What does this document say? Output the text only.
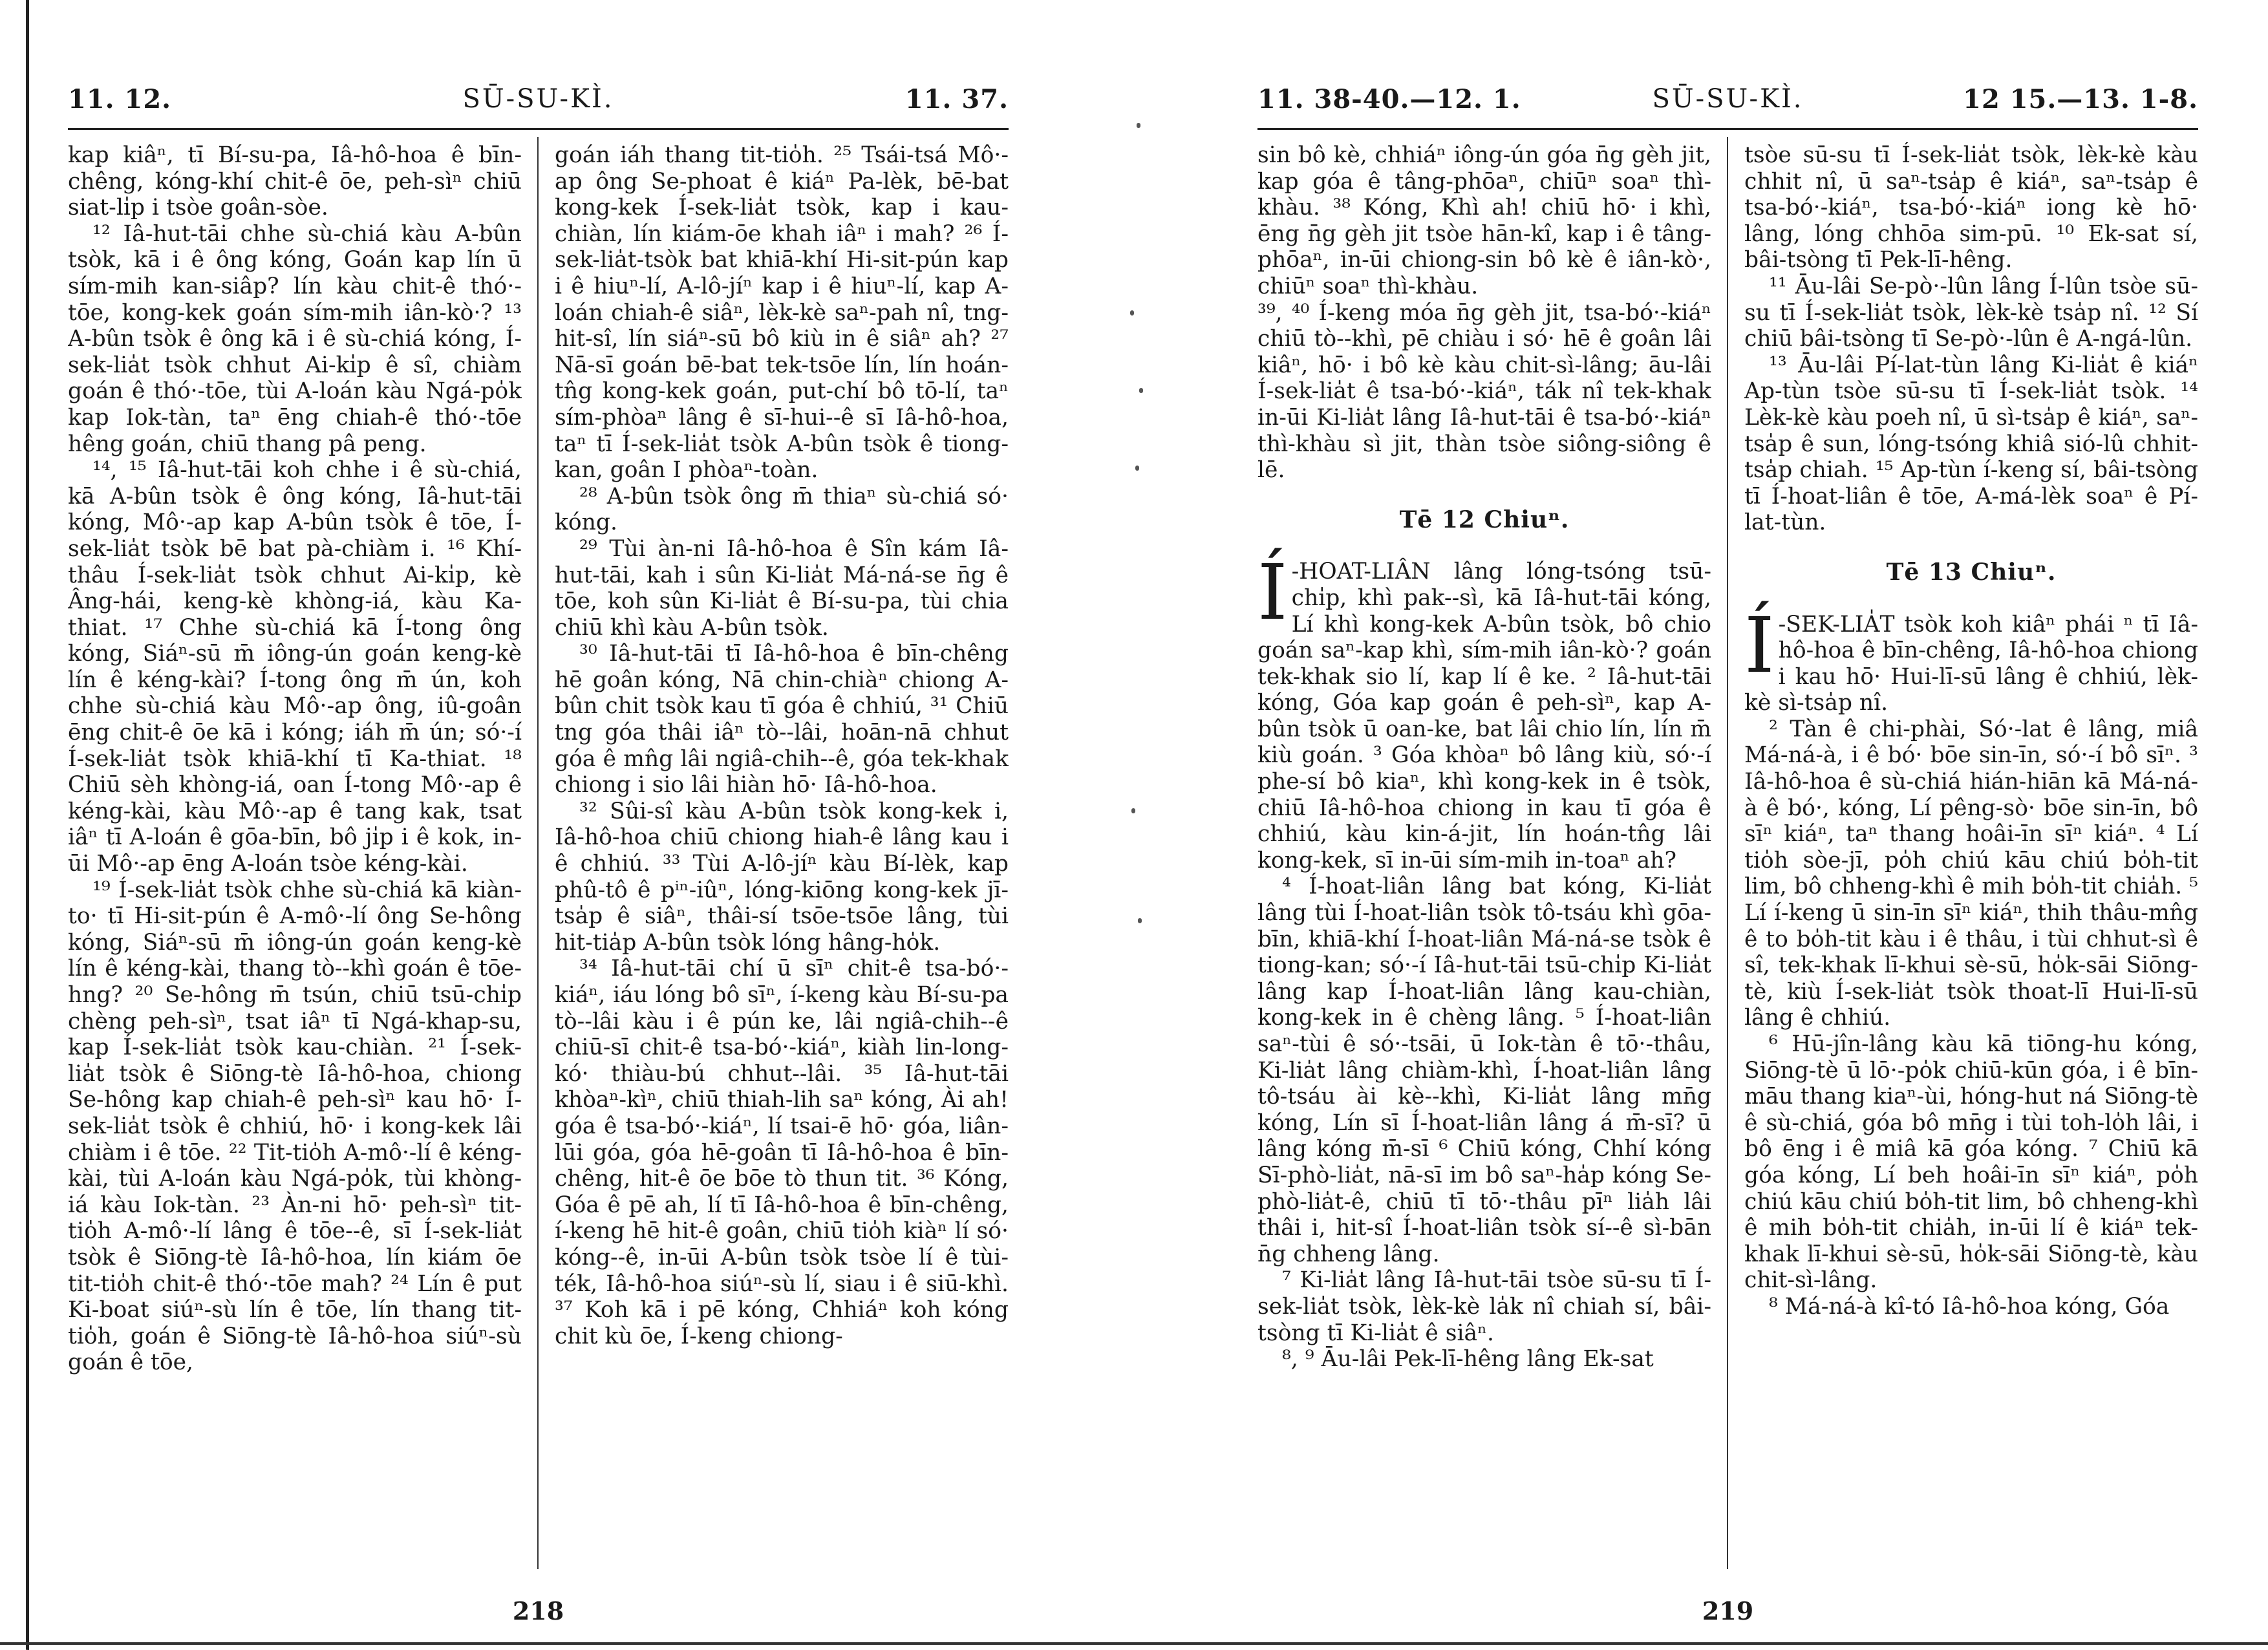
11. 12.	SŪ-SU-KÌ.	11. 37.

kap kiâⁿ, tī Bí-su-pa, Iâ-hô-hoa ê bīn-chêng, kóng-khí chit-ê ōe, peh-sìⁿ chiū siat-li̍p i tsòe goân-sòe.

¹² Iâ-hut-tāi chhe sù-chiá kàu A-bûn tsòk, kā i ê ông kóng, Goán kap lín ū sím-mih kan-siâp? lín kàu chit-ê thó·-tōe, kong-kek goán sím-mih iân-kò·? ¹³ A-bûn tsòk ê ông kā i ê sù-chiá kóng, Í-sek-lia̍t tsòk chhut Ai-ki̍p ê sî, chiàm goán ê thó·-tōe, tùi A-loán kàu Ngá-po̍k kap Iok-tàn, taⁿ ēng chiah-ê thó·-tōe hêng goán, chiū thang pâ peng.

¹⁴, ¹⁵ Iâ-hut-tāi koh chhe i ê sù-chiá, kā A-bûn tsòk ê ông kóng, Iâ-hut-tāi kóng, Mô·-ap kap A-bûn tsòk ê tōe, Í-sek-lia̍t tsòk bē bat pà-chiàm i. ¹⁶ Khí-thâu Í-sek-lia̍t tsòk chhut Ai-ki̍p, kè Âng-hái, keng-kè khòng-iá, kàu Ka-thiat. ¹⁷ Chhe sù-chiá kā Í-tong ông kóng, Siáⁿ-sū m̄ iông-ún goán keng-kè lín ê kéng-kài? Í-tong ông m̄ ún, koh chhe sù-chiá kàu Mô·-ap ông, iû-goân ēng chit-ê ōe kā i kóng; iáh m̄ ún; só·-í Í-sek-lia̍t tsòk khiā-khí tī Ka-thiat. ¹⁸ Chiū sèh khòng-iá, oan Í-tong Mô·-ap ê kéng-kài, kàu Mô·-ap ê tang kak, tsat iâⁿ tī A-loán ê gōa-bīn, bô ji̍p i ê kok, in-ūi Mô·-ap ēng A-loán tsòe kéng-kài.

¹⁹ Í-sek-lia̍t tsòk chhe sù-chiá kā kiàn-to· tī Hi-sit-pún ê A-mô·-lí ông Se-hông kóng, Siáⁿ-sū m̄ iông-ún goán keng-kè lín ê kéng-kài, thang tò--khì goán ê tōe-hng? ²⁰ Se-hông m̄ tsún, chiū tsū-chi̍p chèng peh-sìⁿ, tsat iâⁿ tī Ngá-khap-su, kap Í-sek-lia̍t tsòk kau-chiàn. ²¹ Í-sek-lia̍t tsòk ê Siōng-tè Iâ-hô-hoa, chiong Se-hông kap chiah-ê peh-sìⁿ kau hō· Í-sek-lia̍t tsòk ê chhiú, hō· i kong-kek lâi chiàm i ê tōe. ²² Tit-tio̍h A-mô·-lí ê kéng-kài, tùi A-loán kàu Ngá-po̍k, tùi khòng-iá kàu Iok-tàn. ²³ Àn-ni hō· peh-sìⁿ tit-tio̍h A-mô·-lí lâng ê tōe--ê, sī Í-sek-lia̍t tsòk ê Siōng-tè Iâ-hô-hoa, lín kiám ōe tit-tio̍h chit-ê thó·-tōe mah? ²⁴ Lín ê put Ki-boat siúⁿ-sù lín ê tōe, lín thang tit-tio̍h, goán ê Siōng-tè Iâ-hô-hoa siúⁿ-sù goán ê tōe,

goán iáh thang tit-tio̍h. ²⁵ Tsái-tsá Mô·-ap ông Se-phoat ê kiáⁿ Pa-lèk, bē-bat kong-kek Í-sek-lia̍t tsòk, kap i kau-chiàn, lín kiám-ōe khah iâⁿ i mah? ²⁶ Í-sek-lia̍t-tsòk bat khiā-khí Hi-sit-pún kap i ê hiuⁿ-lí, A-lô-jíⁿ kap i ê hiuⁿ-lí, kap A-loán chiah-ê siâⁿ, lèk-kè saⁿ-pah nî, tng-hit-sî, lín siáⁿ-sū bô kiù in ê siâⁿ ah? ²⁷ Nā-sī goán bē-bat tek-tsōe lín, lín hoán-tn̂g kong-kek goán, put-chí bô tō-lí, taⁿ sím-phòaⁿ lâng ê sī-hui--ê sī Iâ-hô-hoa, taⁿ tī Í-sek-lia̍t tsòk A-bûn tsòk ê tiong-kan, goân I phòaⁿ-toàn.

²⁸ A-bûn tsòk ông m̄ thiaⁿ sù-chiá só· kóng.

²⁹ Tùi àn-ni Iâ-hô-hoa ê Sîn kám Iâ-hut-tāi, kah i sûn Ki-lia̍t Má-ná-se n̄g ê tōe, koh sûn Ki-lia̍t ê Bí-su-pa, tùi chia chiū khì kàu A-bûn tsòk.

³⁰ Iâ-hut-tāi tī Iâ-hô-hoa ê bīn-chêng hē goân kóng, Nā chin-chiàⁿ chiong A-bûn chit tsòk kau tī góa ê chhiú, ³¹ Chiū tng góa thâi iâⁿ tò--lâi, hoān-nā chhut góa ê mn̂g lâi ngiâ-chih--ê, góa tek-khak chiong i sio lâi hiàn hō· Iâ-hô-hoa.

³² Sûi-sî kàu A-bûn tsòk kong-kek i, Iâ-hô-hoa chiū chiong hiah-ê lâng kau i ê chhiú. ³³ Tùi A-lô-jíⁿ kàu Bí-lèk, kap phû-tô ê pⁱⁿ-iûⁿ, lóng-kiōng kong-kek jī-tsa̍p ê siâⁿ, thâi-sí tsōe-tsōe lâng, tùi hit-tia̍p A-bûn tsòk lóng hâng-ho̍k.

³⁴ Iâ-hut-tāi chí ū sīⁿ chit-ê tsa-bó·-kiáⁿ, iáu lóng bô sīⁿ, í-keng kàu Bí-su-pa tò--lâi kàu i ê pún ke, lâi ngiâ-chih--ê chiū-sī chit-ê tsa-bó·-kiáⁿ, kiàh lin-long-kó· thiàu-bú chhut--lâi. ³⁵ Iâ-hut-tāi khòaⁿ-kìⁿ, chiū thiah-lih saⁿ kóng, Ài ah! góa ê tsa-bó·-kiáⁿ, lí tsai-ē hō· góa, liân-lūi góa, góa hē-goân tī Iâ-hô-hoa ê bīn-chêng, hit-ê ōe bōe tò thun tit. ³⁶ Kóng, Góa ê pē ah, lí tī Iâ-hô-hoa ê bīn-chêng, í-keng hē hit-ê goân, chiū tio̍h kiàⁿ lí só· kóng--ê, in-ūi A-bûn tsòk tsòe lí ê tùi-ték, Iâ-hô-hoa siúⁿ-sù lí, siau i ê siū-khì. ³⁷ Koh kā i pē kóng, Chhiáⁿ koh kóng chit kù ōe, Í-keng chiong-

218
11. 38-40.—12. 1.	SŪ-SU-KÌ.	12 15.—13. 1-8.

sin bô kè, chhiáⁿ iông-ún góa n̄g gèh jit, kap góa ê tâng-phōaⁿ, chiūⁿ soaⁿ thì-khàu. ³⁸ Kóng, Khì ah! chiū hō· i khì, ēng n̄g gèh jit tsòe hān-kî, kap i ê tâng-phōaⁿ, in-ūi chiong-sin bô kè ê iân-kò·, chiūⁿ soaⁿ thì-khàu.

³⁹, ⁴⁰ Í-keng móa n̄g gèh jit, tsa-bó·-kiáⁿ chiū tò--khì, pē chiàu i só· hē ê goân lâi kiâⁿ, hō· i bô kè kàu chit-sì-lâng; āu-lâi Í-sek-lia̍t ê tsa-bó·-kiáⁿ, ták nî tek-khak in-ūi Ki-lia̍t lâng Iâ-hut-tāi ê tsa-bó·-kiáⁿ thì-khàu sì jit, thàn tsòe siông-siông ê lē.

Tē 12 Chiuⁿ.

Í -HOAT-LIÂN lâng lóng-tsóng tsū-chi̍p, khì pak--sì, kā Iâ-hut-tāi kóng, Lí khì kong-kek A-bûn tsòk, bô chio goán saⁿ-kap khì, sím-mih iân-kò·? goán tek-khak sio lí, kap lí ê ke. ² Iâ-hut-tāi kóng, Góa kap goán ê peh-sìⁿ, kap A-bûn tsòk ū oan-ke, bat lâi chio lín, lín m̄ kiù goán. ³ Góa khòaⁿ bô lâng kiù, só·-í phe-sí bô kiaⁿ, khì kong-kek in ê tsòk, chiū Iâ-hô-hoa chiong in kau tī góa ê chhiú, kàu kin-á-jit, lín hoán-tn̂g lâi kong-kek, sī in-ūi sím-mih in-toaⁿ ah?

⁴ Í-hoat-liân lâng bat kóng, Ki-lia̍t lâng tùi Í-hoat-liân tsòk tô-tsáu khì gōa-bīn, khiā-khí Í-hoat-liân Má-ná-se tsòk ê tiong-kan; só·-í Iâ-hut-tāi tsū-chi̍p Ki-lia̍t lâng kap Í-hoat-liân lâng kau-chiàn, kong-kek in ê chèng lâng. ⁵ Í-hoat-liân saⁿ-tùi ê só·-tsāi, ū Iok-tàn ê tō·-thâu, Ki-lia̍t lâng chiàm-khì, Í-hoat-liân lâng tô-tsáu ài kè--khì, Ki-lia̍t lâng mn̄g kóng, Lín sī Í-hoat-liân lâng á m̄-sī? ū lâng kóng m̄-sī ⁶ Chiū kóng, Chhí kóng Sī-phò-lia̍t, nā-sī im bô saⁿ-ha̍p kóng Se-phò-lia̍t-ê, chiū tī tō·-thâu pīⁿ lia̍h lâi thâi i, hit-sî Í-hoat-liân tsòk sí--ê sì-bān n̄g chheng lâng.

⁷ Ki-lia̍t lâng Iâ-hut-tāi tsòe sū-su tī Í-sek-lia̍t tsòk, lèk-kè la̍k nî chiah sí, bâi-tsòng tī Ki-lia̍t ê siâⁿ.

⁸, ⁹ Āu-lâi Pek-lī-hêng lâng Ek-sat

tsòe sū-su tī Í-sek-lia̍t tsòk, lèk-kè kàu chhit nî, ū saⁿ-tsa̍p ê kiáⁿ, saⁿ-tsa̍p ê tsa-bó·-kiáⁿ, tsa-bó·-kiáⁿ iong kè hō· lâng, lóng chhōa sim-pū. ¹⁰ Ek-sat sí, bâi-tsòng tī Pek-lī-hêng.

¹¹ Āu-lâi Se-pò·-lûn lâng Í-lûn tsòe sū-su tī Í-sek-lia̍t tsòk, lèk-kè tsa̍p nî. ¹² Sí chiū bâi-tsòng tī Se-pò·-lûn ê A-ngá-lûn.

¹³ Āu-lâi Pí-lat-tùn lâng Ki-lia̍t ê kiáⁿ Ap-tùn tsòe sū-su tī Í-sek-lia̍t tsòk. ¹⁴ Lèk-kè kàu poeh nî, ū sì-tsa̍p ê kiáⁿ, saⁿ-tsa̍p ê sun, lóng-tsóng khiâ sió-lû chhit-tsa̍p chiah. ¹⁵ Ap-tùn í-keng sí, bâi-tsòng tī Í-hoat-liân ê tōe, A-má-lèk soaⁿ ê Pí-lat-tùn.

Tē 13 Chiuⁿ.

Í -SEK-LIA̍T tsòk koh kiâⁿ phái ⁿ tī Iâ-hô-hoa ê bīn-chêng, Iâ-hô-hoa chiong i kau hō· Hui-lī-sū lâng ê chhiú, lèk-kè sì-tsa̍p nî.

² Tàn ê chi-phài, Só·-lat ê lâng, miâ Má-ná-à, i ê bó· bōe sin-īn, só·-í bô sīⁿ. ³ Iâ-hô-hoa ê sù-chiá hián-hiān kā Má-ná-à ê bó·, kóng, Lí pêng-sò· bōe sin-īn, bô sīⁿ kiáⁿ, taⁿ thang hoâi-īn sīⁿ kiáⁿ. ⁴ Lí tio̍h sòe-jī, po̍h chiú kāu chiú bo̍h-tit lim, bô chheng-khì ê mih bo̍h-tit chia̍h. ⁵ Lí í-keng ū sin-īn sīⁿ kiáⁿ, thih thâu-mn̂g ê to bo̍h-tit kàu i ê thâu, i tùi chhut-sì ê sî, tek-khak lī-khui sè-sū, ho̍k-sāi Siōng-tè, kiù Í-sek-lia̍t tsòk thoat-lī Hui-lī-sū lâng ê chhiú.

⁶ Hū-jîn-lâng kàu kā tiōng-hu kóng, Siōng-tè ū lō·-po̍k chiū-kūn góa, i ê bīn-māu thang kiaⁿ-ùi, hóng-hut ná Siōng-tè ê sù-chiá, góa bô mn̄g i tùi toh-lo̍h lâi, i bô ēng i ê miâ kā góa kóng. ⁷ Chiū kā góa kóng, Lí beh hoâi-īn sīⁿ kiáⁿ, po̍h chiú kāu chiú bo̍h-tit lim, bô chheng-khì ê mih bo̍h-tit chia̍h, in-ūi lí ê kiáⁿ tek-khak lī-khui sè-sū, ho̍k-sāi Siōng-tè, kàu chit-sì-lâng.

⁸ Má-ná-à kî-tó Iâ-hô-hoa kóng, Góa

219
